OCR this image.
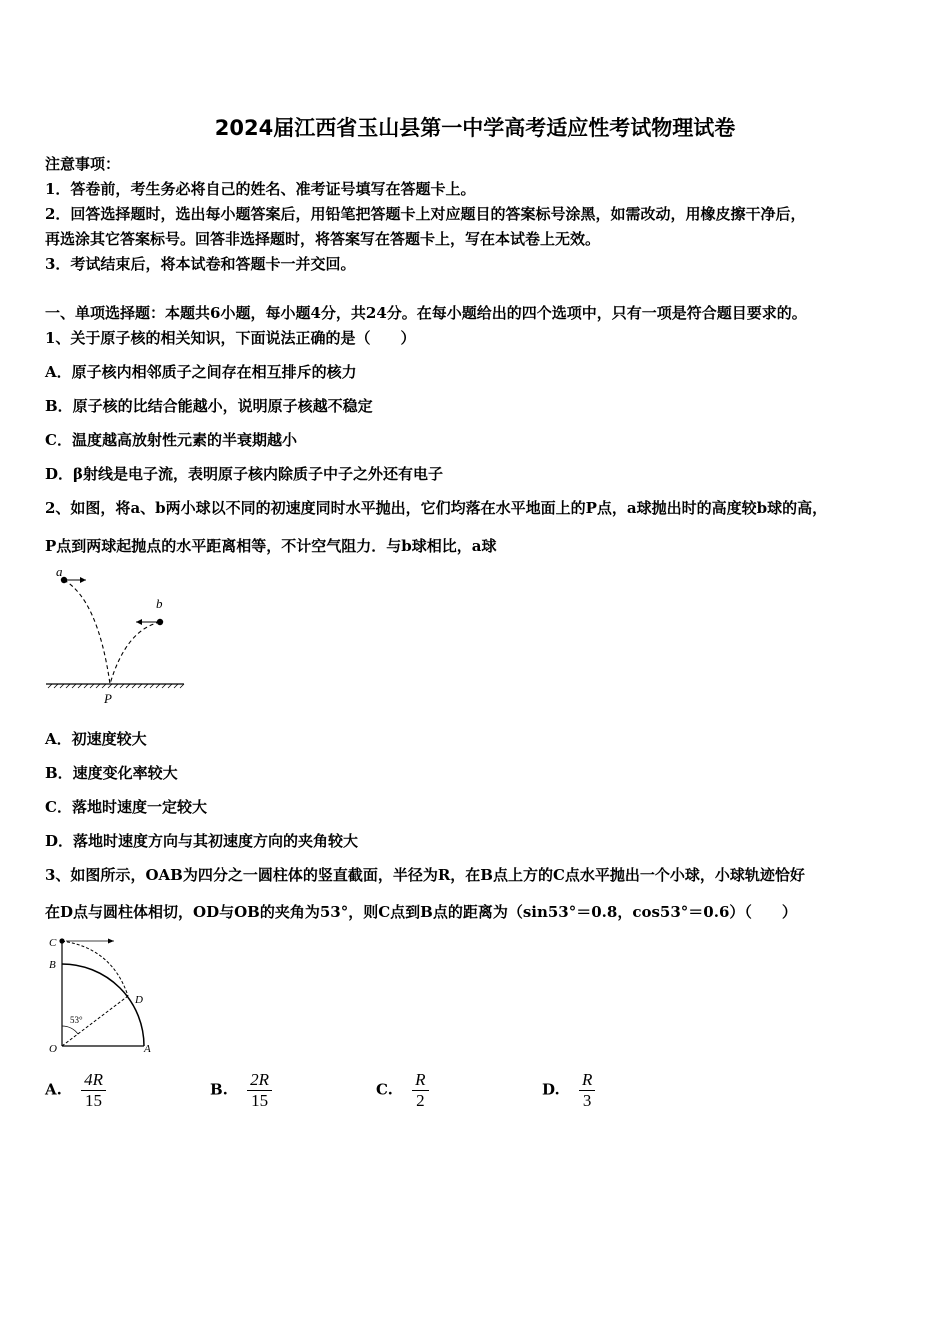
2024届江西省玉山县第一中学高考适应性考试物理试卷
注意事项：
1．答卷前，考生务必将自己的姓名、准考证号填写在答题卡上。
2．回答选择题时，选出每小题答案后，用铅笔把答题卡上对应题目的答案标号涂黑，如需改动，用橡皮擦干净后，
再选涂其它答案标号。回答非选择题时，将答案写在答题卡上，写在本试卷上无效。
3．考试结束后，将本试卷和答题卡一并交回。
一、单项选择题：本题共6小题，每小题4分，共24分。在每小题给出的四个选项中，只有一项是符合题目要求的。
1、关于原子核的相关知识，下面说法正确的是（　　）
A．原子核内相邻质子之间存在相互排斥的核力
B．原子核的比结合能越小，说明原子核越不稳定
C．温度越高放射性元素的半衰期越小
D．β射线是电子流，表明原子核内除质子中子之外还有电子
2、如图，将a、b两小球以不同的初速度同时水平抛出，它们均落在水平地面上的P点，a球抛出时的高度较b球的高，
P点到两球起抛点的水平距离相等，不计空气阻力．与b球相比，a球
a
b
P
A．初速度较大
B．速度变化率较大
C．落地时速度一定较大
D．落地时速度方向与其初速度方向的夹角较大
3、如图所示，OAB为四分之一圆柱体的竖直截面，半径为R，在B点上方的C点水平抛出一个小球，小球轨迹恰好
在D点与圆柱体相切，OD与OB的夹角为53°，则C点到B点的距离为（sin53°＝0.8，cos53°＝0.6）（　　）
C
B
D
O	A
53°
A. $\frac{4R}{15}$	B. $\frac{2R}{15}$	C. $\frac{R}{2}$	D. $\frac{R}{3}$
